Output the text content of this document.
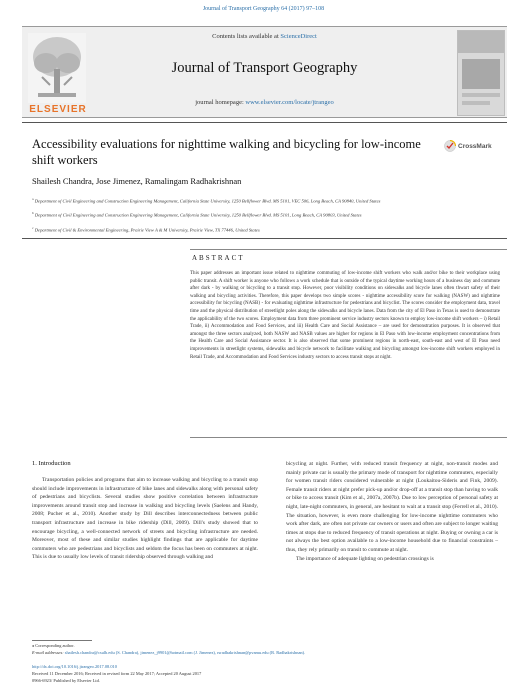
Journal of Transport Geography 64 (2017) 97–108
ELSEVIER
Contents lists available at ScienceDirect
Journal of Transport Geography
journal homepage: www.elsevier.com/locate/jtrangeo
Accessibility evaluations for nighttime walking and bicycling for low-income shift workers
CrossMark
Shailesh Chandra, Jose Jimenez, Ramalingam Radhakrishnan
$^a$ Department of Civil Engineering and Construction Engineering Management, California State University, 1250 Bellflower Blvd. MS 5101, VEC 506, Long Beach, CA 90840, United States
$^b$ Department of Civil Engineering and Construction Engineering Management, California State University, 1250 Bellflower Blvd. MS 5101, Long Beach, CA 90803, United States
$^c$ Department of Civil & Environmental Engineering, Prairie View A & M University, Prairie View, TX 77446, United States
ABSTRACT
This paper addresses an important issue related to nighttime commuting of low-income shift workers who walk and/or bike to their workplace using public transit. A shift worker is anyone who follows a work schedule that is outside of the typical daytime working hours of a business day and commute after dark - by walking or bicycling to a transit stop. However, poor visibility conditions on sidewalks and bicycle lanes often thwart safety of their walking and bicycling activities. Therefore, this paper develops two simple scores - nighttime accessibility score for walking (NASW) and nighttime accessibility for bicycling (NASB) - for evaluating nighttime infrastructure for pedestrians and bicyclist. The scores consider the employment data, travel time and the physical distribution of streetlight poles along the sidewalks and bicycle lanes. Data from the city of El Paso in Texas is used to demonstrate the applicability of the two scores. Employment data from three prominent service industry sectors known to employ low-income shift workers – i) Retail Trade, ii) Accommodation and Food Services, and iii) Health Care and Social Assistance – are used for demonstration purposes. It is observed that amongst the three sectors analyzed, both NASW and NASB values are higher for regions in El Paso with low-income employment concentrations from the Health Care and Social Assistance sector. It is also observed that some prominent regions in north-east, south-east and west of El Paso need improvements in streetlight systems, sidewalks and bicycle network to facilitate walking and bicycling amongst low-income shift workers employed in Retail Trade, and Accommodation and Food Services industry sectors to access transit stops at night.
1. Introduction

Transportation policies and programs that aim to increase walking and bicycling to a transit stop should include improvements in infrastructure of bike lanes and sidewalks along with personal safety of pedestrians and bicyclists. Several studies show positive correlation between infrastructure improvements around transit stop and increase in walking and bicycling levels (Saelens and Handy, 2008; Pucher et al., 2010). Another study by Dill describes interconnectedness between public transport infrastructure and increase in bike ridership (Dill, 2009). Dill's study showed that to encourage bicycling, a well-connected network of streets and bicycling infrastructure are needed. Moreover, most of these and similar studies highlight findings that are applicable for daytime commuters who are pedestrians and bicyclists and seldom the focus has been on commuters at night. This is due to usually low levels of transit ridership observed through walking and

bicycling at night. Further, with reduced transit frequency at night, non-transit modes and mainly private car is usually the primary mode of transport for nighttime commuters, especially for women transit riders considered vulnerable at night (Loukaitou-Sideris and Fink, 2009). Female transit riders at night prefer pick-up and/or drop-off at a transit stop than having to walk or bike to access transit (Kim et al., 2007a, 2007b). Due to low perception of personal safety at night, late-night commuters, in general, are hesitant to wait at a transit stop (Ferrell et al., 2010). The situation, however, is even more challenging for low-income nighttime commuters who work after dark, are often not private car owners or users and often are subject to longer waiting times at stops due to reduced frequency of transit operations at night. Buying or owning a car is not always the best option available to a low-income household due to financial constraints – thus, they rely primarily on transit to commute at night.

The importance of adequate lighting on pedestrian crossings is

⁎ Corresponding author.
E-mail addresses: shailesh.chandra@csulb.edu (S. Chandra), jimenez_j9901@hotmail.com (J. Jimenez), rsradhakrishnan@pvamu.edu (R. Radhakrishnan).
http://dx.doi.org/10.1016/j.jtrangeo.2017.08.010
Received 11 December 2016; Received in revised form 22 May 2017; Accepted 20 August 2017
0966-6923/ Published by Elsevier Ltd.
